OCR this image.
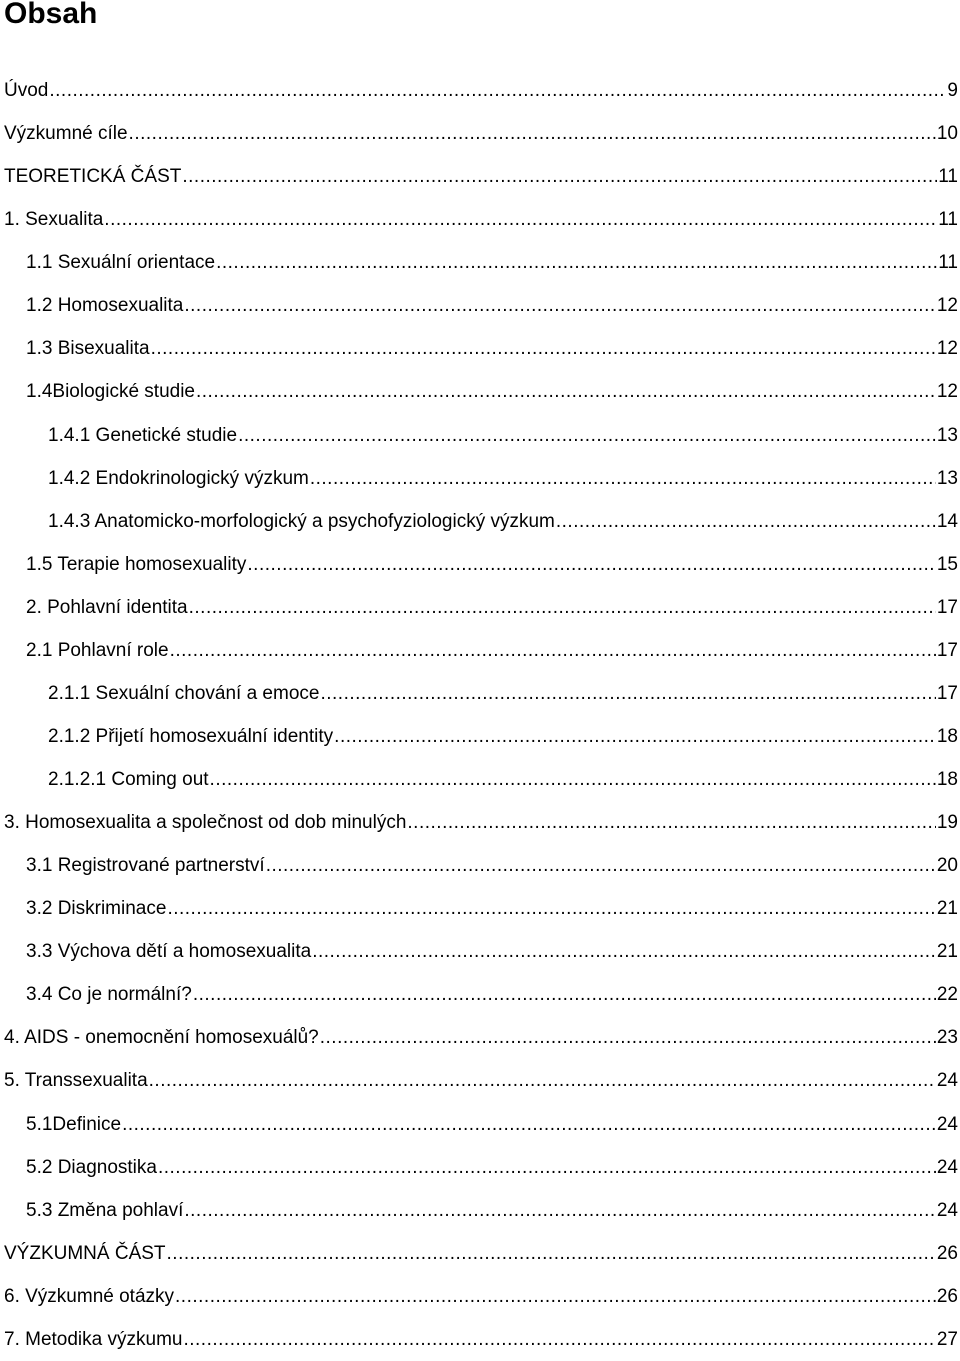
Obsah
Úvod .....	9
Výzkumné cíle .....	10
TEORETICKÁ ČÁST .....	11
1. Sexualita .....	11
1.1 Sexuální orientace .....	11
1.2 Homosexualita .....	12
1.3 Bisexualita .....	12
1.4Biologické studie .....	12
1.4.1 Genetické studie .....	13
1.4.2 Endokrinologický výzkum .....	13
1.4.3 Anatomicko-morfologický a psychofyziologický výzkum .....	14
1.5 Terapie homosexuality .....	15
2. Pohlavní identita .....	17
2.1 Pohlavní role .....	17
2.1.1 Sexuální chování a emoce .....	17
2.1.2 Přijetí homosexuální identity .....	18
2.1.2.1 Coming out .....	18
3. Homosexualita a společnost od dob minulých .....	19
3.1 Registrované partnerství .....	20
3.2 Diskriminace .....	21
3.3 Výchova dětí a homosexualita .....	21
3.4 Co je normální? .....	22
4. AIDS - onemocnění homosexuálů? .....	23
5. Transsexualita .....	24
5.1Definice .....	24
5.2 Diagnostika .....	24
5.3 Změna pohlaví .....	24
VÝZKUMNÁ ČÁST .....	26
6. Výzkumné otázky .....	26
7. Metodika výzkumu .....	27
